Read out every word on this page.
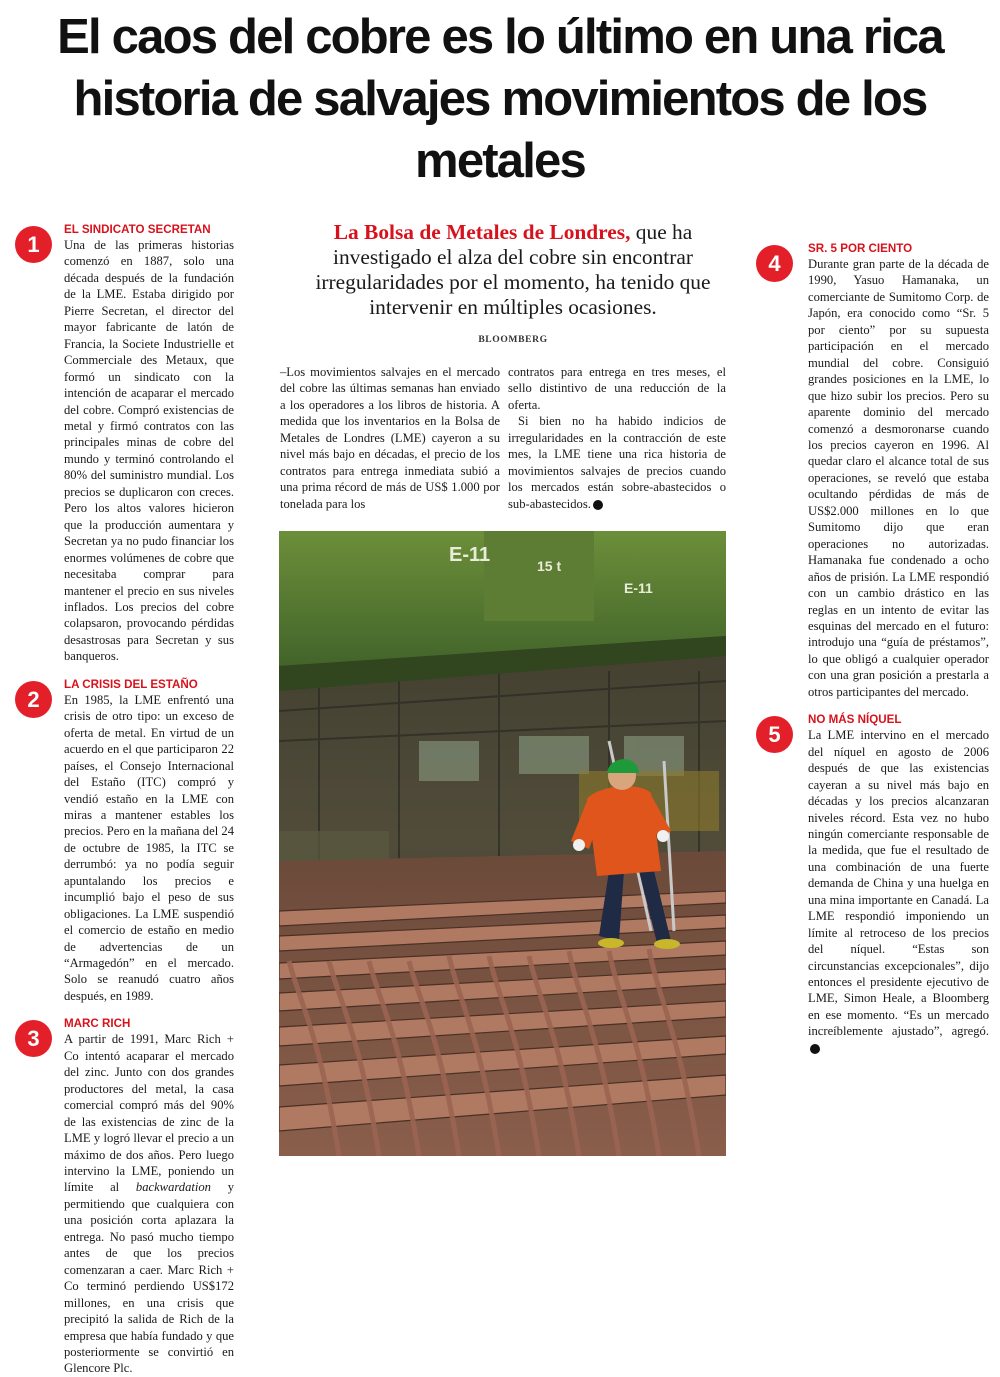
El caos del cobre es lo último en una rica historia de salvajes movimientos de los metales
1
EL SINDICATO SECRETAN

Una de las primeras historias comenzó en 1887, solo una década después de la fundación de la LME. Estaba dirigido por Pierre Secretan, el director del mayor fabricante de latón de Francia, la Societe Industrielle et Commerciale des Metaux, que formó un sindicato con la intención de acaparar el mercado del cobre. Compró existencias de metal y firmó contratos con las principales minas de cobre del mundo y terminó controlando el 80% del suministro mundial. Los precios se duplicaron con creces. Pero los altos valores hicieron que la producción aumentara y Secretan ya no pudo financiar los enormes volúmenes de cobre que necesitaba comprar para mantener el precio en sus niveles inflados. Los precios del cobre colapsaron, provocando pérdidas desastrosas para Secretan y sus banqueros.

2
LA CRISIS DEL ESTAÑO

En 1985, la LME enfrentó una crisis de otro tipo: un exceso de oferta de metal. En virtud de un acuerdo en el que participaron 22 países, el Consejo Internacional del Estaño (ITC) compró y vendió estaño en la LME con miras a mantener estables los precios. Pero en la mañana del 24 de octubre de 1985, la ITC se derrumbó: ya no podía seguir apuntalando los precios e incumplió bajo el peso de sus obligaciones. La LME suspendió el comercio de estaño en medio de advertencias de un “Armagedón” en el mercado. Solo se reanudó cuatro años después, en 1989.

3
MARC RICH

A partir de 1991, Marc Rich + Co intentó acaparar el mercado del zinc. Junto con dos grandes productores del metal, la casa comercial compró más del 90% de las existencias de zinc de la LME y logró llevar el precio a un máximo de dos años. Pero luego intervino la LME, poniendo un límite al backwardation y permitiendo que cualquiera con una posición corta aplazara la entrega. No pasó mucho tiempo antes de que los precios comenzaran a caer. Marc Rich + Co terminó perdiendo US$172 millones, en una crisis que precipitó la salida de Rich de la empresa que había fundado y que posteriormente se convirtió en Glencore Plc.

La Bolsa de Metales de Londres, que ha investigado el alza del cobre sin encontrar irregularidades por el momento, ha tenido que intervenir en múltiples ocasiones.

BLOOMBERG

–Los movimientos salvajes en el mercado del cobre las últimas semanas han enviado a los operadores a los libros de historia. A medida que los inventarios en la Bolsa de Metales de Londres (LME) cayeron a su nivel más bajo en décadas, el precio de los contratos para entrega inmediata subió a una prima récord de más de US$ 1.000 por tonelada para los

contratos para entrega en tres meses, el sello distintivo de una reducción de la oferta.

Si bien no ha habido indicios de irregularidades en la contracción de este mes, la LME tiene una rica historia de movimientos salvajes de precios cuando los mercados están sobre-abastecidos o sub-abastecidos.

E-11	15 t
E-11
4
SR. 5 POR CIENTO

Durante gran parte de la década de 1990, Yasuo Hamanaka, un comerciante de Sumitomo Corp. de Japón, era conocido como “Sr. 5 por ciento” por su supuesta participación en el mercado mundial del cobre. Consiguió grandes posiciones en la LME, lo que hizo subir los precios. Pero su aparente dominio del mercado comenzó a desmoronarse cuando los precios cayeron en 1996. Al quedar claro el alcance total de sus operaciones, se reveló que estaba ocultando pérdidas de más de US$2.000 millones en lo que Sumitomo dijo que eran operaciones no autorizadas. Hamanaka fue condenado a ocho años de prisión. La LME respondió con un cambio drástico en las reglas en un intento de evitar las esquinas del mercado en el futuro: introdujo una “guía de préstamos”, lo que obligó a cualquier operador con una gran posición a prestarla a otros participantes del mercado.

5
NO MÁS NÍQUEL

La LME intervino en el mercado del níquel en agosto de 2006 después de que las existencias cayeran a su nivel más bajo en décadas y los precios alcanzaran niveles récord. Esta vez no hubo ningún comerciante responsable de la medida, que fue el resultado de una combinación de una fuerte demanda de China y una huelga en una mina importante en Canadá. La LME respondió imponiendo un límite al retroceso de los precios del níquel. “Estas son circunstancias excepcionales”, dijo entonces el presidente ejecutivo de LME, Simon Heale, a Bloomberg en ese momento. “Es un mercado increíblemente ajustado”, agregó.
